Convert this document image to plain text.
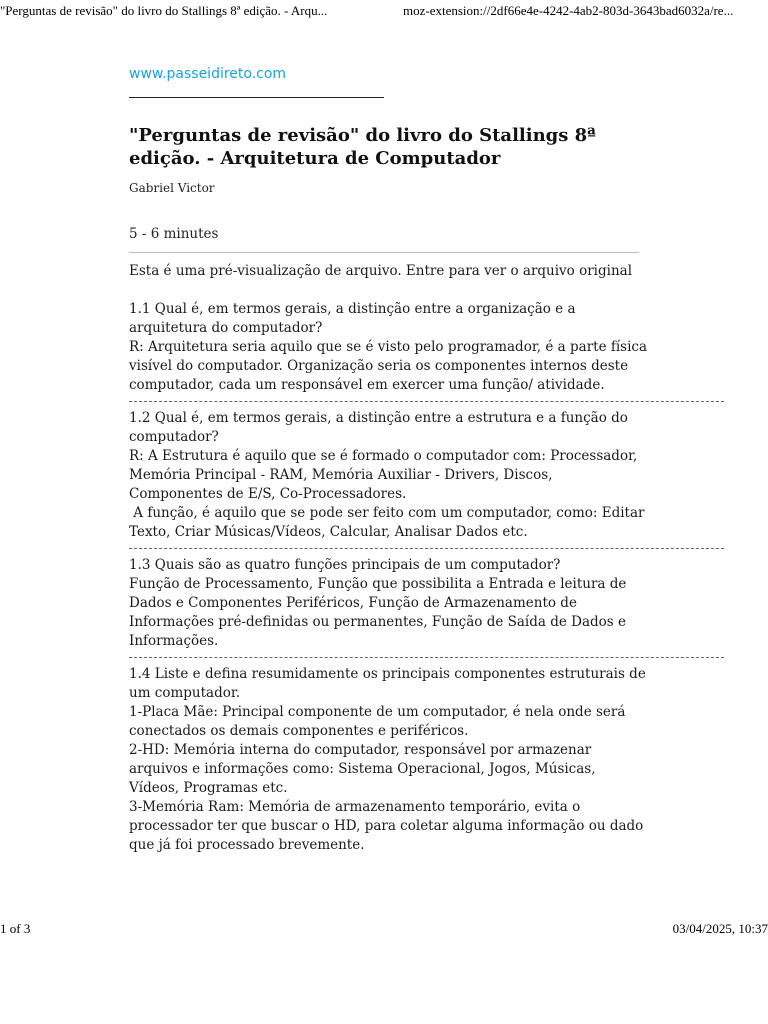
"Perguntas de revisão" do livro do Stallings 8ª edição. - Arqu...	moz-extension://2df66e4e-4242-4ab2-803d-3643bad6032a/re...
www.passeidireto.com
"Perguntas de revisão" do livro do Stallings 8ª edição. - Arquitetura de Computador
Gabriel Victor
5 - 6 minutes

Esta é uma pré-visualização de arquivo. Entre para ver o arquivo original

1.1 Qual é, em termos gerais, a distinção entre a organização e a arquitetura do computador?

R: Arquitetura seria aquilo que se é visto pelo programador, é a parte física visível do computador. Organização seria os componentes internos deste computador, cada um responsável em exercer uma função/ atividade.

1.2 Qual é, em termos gerais, a distinção entre a estrutura e a função do computador?

R: A Estrutura é aquilo que se é formado o computador com: Processador, Memória Principal - RAM, Memória Auxiliar - Drivers, Discos, Componentes de E/S, Co-Processadores.

A função, é aquilo que se pode ser feito com um computador, como: Editar Texto, Criar Músicas/Vídeos, Calcular, Analisar Dados etc.

1.3 Quais são as quatro funções principais de um computador?

Função de Processamento, Função que possibilita a Entrada e leitura de Dados e Componentes Periféricos, Função de Armazenamento de Informações pré-definidas ou permanentes, Função de Saída de Dados e Informações.

1.4 Liste e defina resumidamente os principais componentes estruturais de um computador.

1-Placa Mãe: Principal componente de um computador, é nela onde será conectados os demais componentes e periféricos.

2-HD: Memória interna do computador, responsável por armazenar arquivos e informações como: Sistema Operacional, Jogos, Músicas, Vídeos, Programas etc.

3-Memória Ram: Memória de armazenamento temporário, evita o processador ter que buscar o HD, para coletar alguma informação ou dado que já foi processado brevemente.

1 of 3	03/04/2025, 10:37
